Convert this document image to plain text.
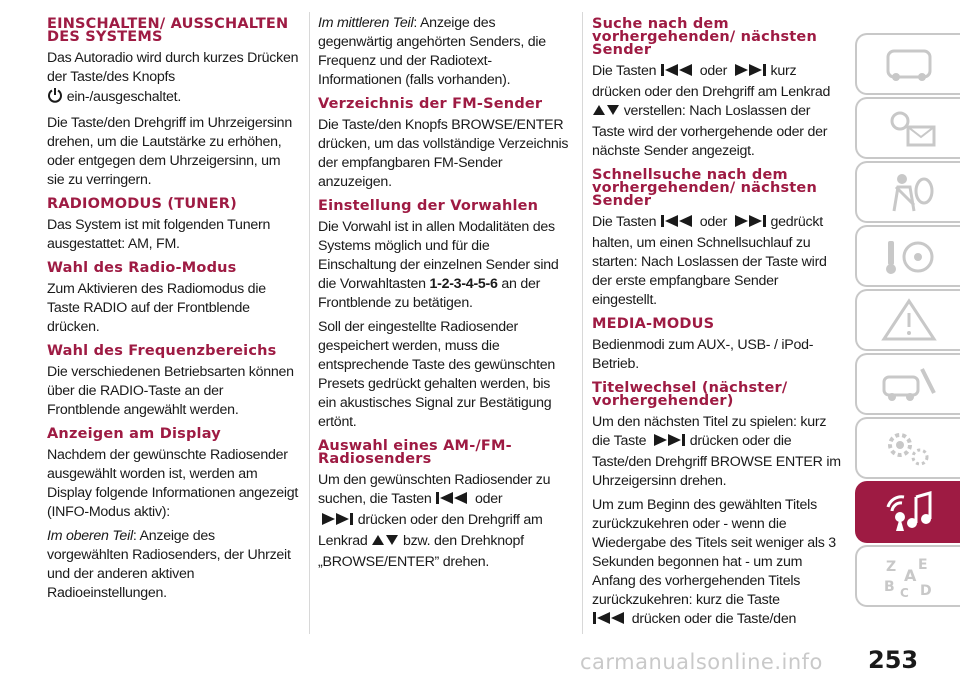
EINSCHALTEN/ AUSSCHALTEN DES SYSTEMS

Das Autoradio wird durch kurzes Drücken der Taste/des Knopfs
ein-/ausgeschaltet.

Die Taste/den Drehgriff im Uhrzeigersinn drehen, um die Lautstärke zu erhöhen, oder entgegen dem Uhrzeigersinn, um sie zu verringern.

RADIOMODUS (TUNER)

Das System ist mit folgenden Tunern ausgestattet: AM, FM.

Wahl des Radio-Modus

Zum Aktivieren des Radiomodus die Taste RADIO auf der Frontblende drücken.

Wahl des Frequenzbereichs

Die verschiedenen Betriebsarten können über die RADIO-Taste an der Frontblende angewählt werden.

Anzeigen am Display

Nachdem der gewünschte Radiosender ausgewählt worden ist, werden am Display folgende Informationen angezeigt (INFO-Modus aktiv):

Im oberen Teil: Anzeige des vorgewählten Radiosenders, der Uhrzeit und der anderen aktiven Radioeinstellungen.

Im mittleren Teil: Anzeige des gegenwärtig angehörten Senders, die Frequenz und der Radiotext-Informationen (falls vorhanden).

Verzeichnis der FM-Sender

Die Taste/den Knopfs BROWSE/ENTER drücken, um das vollständige Verzeichnis der empfangbaren FM-Sender anzuzeigen.

Einstellung der Vorwahlen

Die Vorwahl ist in allen Modalitäten des Systems möglich und für die Einschaltung der einzelnen Sender sind die Vorwahltasten 1-2-3-4-5-6 an der Frontblende zu betätigen.

Soll der eingestellte Radiosender gespeichert werden, muss die entsprechende Taste des gewünschten Presets gedrückt gehalten werden, bis ein akustisches Signal zur Bestätigung ertönt.

Auswahl eines AM-/FM-Radiosenders

Um den gewünschten Radiosender zu suchen, die Tasten	oder
drücken oder den Drehgriff am Lenkrad bzw. den Drehknopf „BROWSE/ENTER” drehen.

Suche nach dem vorhergehenden/ nächsten Sender

Die Tasten	oder	kurz drücken oder den Drehgriff am Lenkrad
verstellen: Nach Loslassen der Taste wird der vorhergehende oder der nächste Sender angezeigt.

Schnellsuche nach dem vorhergehenden/ nächsten Sender

Die Tasten	oder	gedrückt halten, um einen Schnellsuchlauf zu starten: Nach Loslassen der Taste wird der erste empfangbare Sender eingestellt.

MEDIA-MODUS

Bedienmodi zum AUX-, USB- / iPod-Betrieb.

Titelwechsel (nächster/ vorhergehender)

Um den nächsten Titel zu spielen: kurz die Taste	drücken oder die Taste/den Drehgriff BROWSE ENTER im Uhrzeigersinn drehen.

Um zum Beginn des gewählten Titels zurückzukehren oder - wenn die Wiedergabe des Titels seit weniger als 3 Sekunden begonnen hat - um zum Anfang des vorhergehenden Titels zurückzukehren: kurz die Taste
drücken oder die Taste/den

Z E
A
B C D
carmanualsonline.info 253
